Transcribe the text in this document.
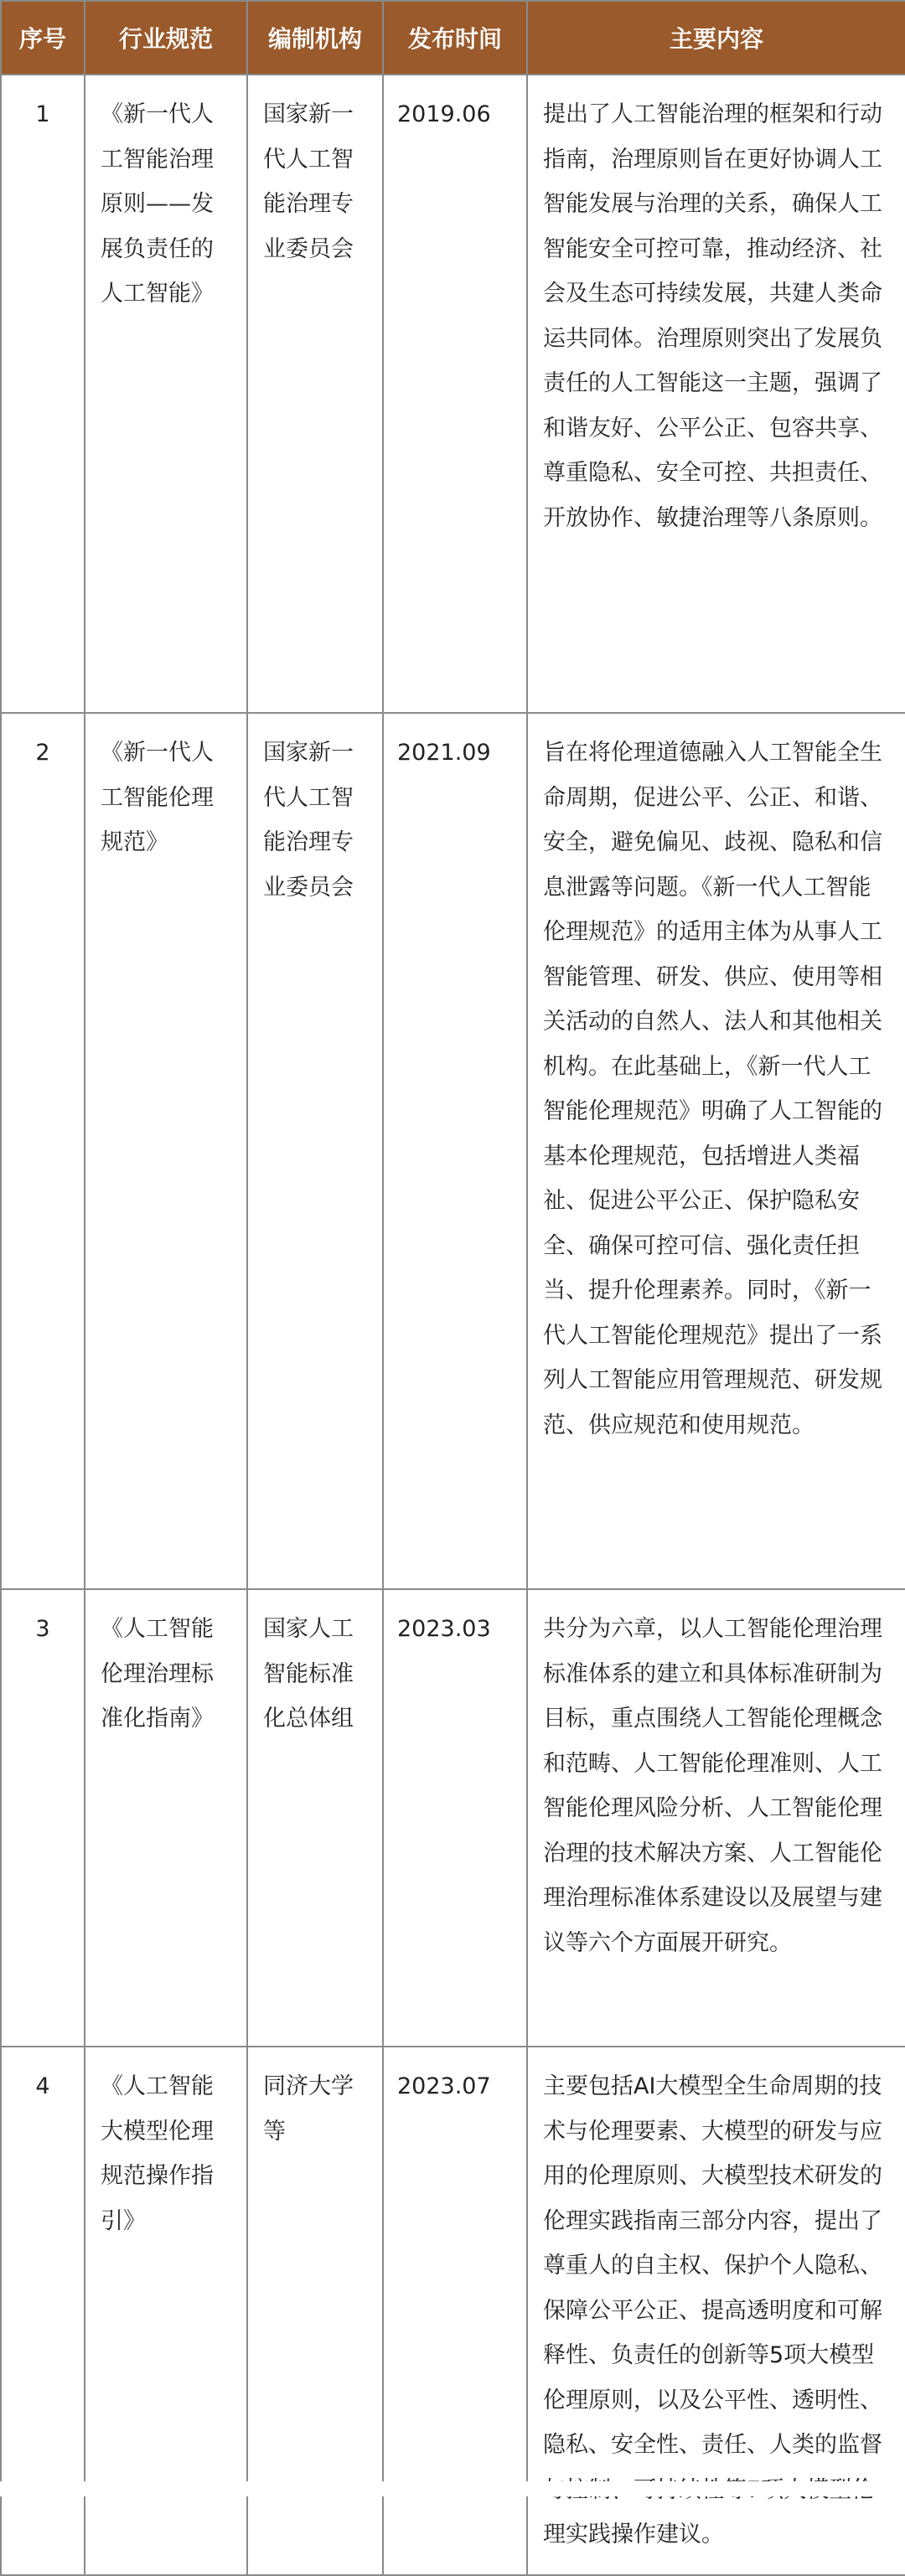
序号	行业规范	编制机构	发布时间	主要内容
1	《新一代人工智能治理原则——发展负责任的人工智能》	国家新一代人工智能治理专业委员会	2019.06	提出了人工智能治理的框架和行动指南，治理原则旨在更好协调人工智能发展与治理的关系，确保人工智能安全可控可靠，推动经济、社会及生态可持续发展，共建人类命运共同体。治理原则突出了发展负责任的人工智能这一主题，强调了和谐友好、公平公正、包容共享、尊重隐私、安全可控、共担责任、开放协作、敏捷治理等八条原则。
2	《新一代人工智能伦理规范》	国家新一代人工智能治理专业委员会	2021.09	旨在将伦理道德融入人工智能全生命周期，促进公平、公正、和谐、安全，避免偏见、歧视、隐私和信息泄露等问题。《新一代人工智能伦理规范》的适用主体为从事人工智能管理、研发、供应、使用等相关活动的自然人、法人和其他相关机构。在此基础上，《新一代人工智能伦理规范》明确了人工智能的基本伦理规范，包括增进人类福祉、促进公平公正、保护隐私安全、确保可控可信、强化责任担当、提升伦理素养。同时，《新一代人工智能伦理规范》提出了一系列人工智能应用管理规范、研发规范、供应规范和使用规范。
3	《人工智能伦理治理标准化指南》	国家人工智能标准化总体组	2023.03	共分为六章，以人工智能伦理治理标准体系的建立和具体标准研制为目标，重点围绕人工智能伦理概念和范畴、人工智能伦理准则、人工智能伦理风险分析、人工智能伦理治理的技术解决方案、人工智能伦理治理标准体系建设以及展望与建议等六个方面展开研究。
4	《人工智能大模型伦理规范操作指引》	同济大学等	2023.07	主要包括AI大模型全生命周期的技术与伦理要素、大模型的研发与应用的伦理原则、大模型技术研发的伦理实践指南三部分内容，提出了尊重人的自主权、保护个人隐私、保障公平公正、提高透明度和可解释性、负责任的创新等5项大模型伦理原则，以及公平性、透明性、隐私、安全性、责任、人类的监督 理实践操作建议。
